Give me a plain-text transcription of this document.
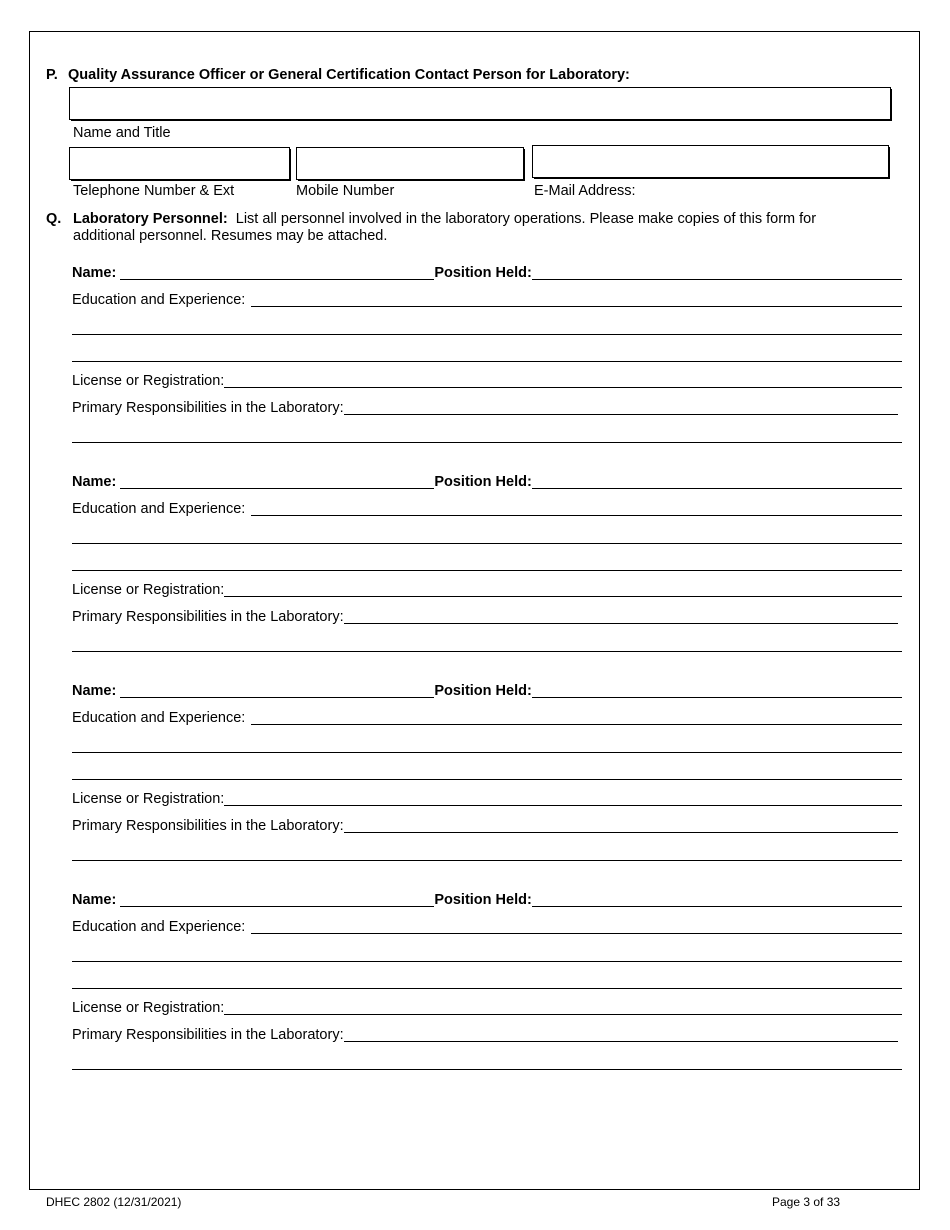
P. Quality Assurance Officer or General Certification Contact Person for Laboratory:
Name and Title
Telephone Number & Ext	Mobile Number	E-Mail Address:
Q. Laboratory Personnel: List all personnel involved in the laboratory operations. Please make copies of this form for
additional personnel. Resumes may be attached.
Name:	Position Held:
Education and Experience:
License or Registration:
Primary Responsibilities in the Laboratory:
Name:	Position Held:
Education and Experience:
License or Registration:
Primary Responsibilities in the Laboratory:
Name:	Position Held:
Education and Experience:
License or Registration:
Primary Responsibilities in the Laboratory:
Name:	Position Held:
Education and Experience:
License or Registration:
Primary Responsibilities in the Laboratory:
DHEC 2802 (12/31/2021)	Page 3 of 33
